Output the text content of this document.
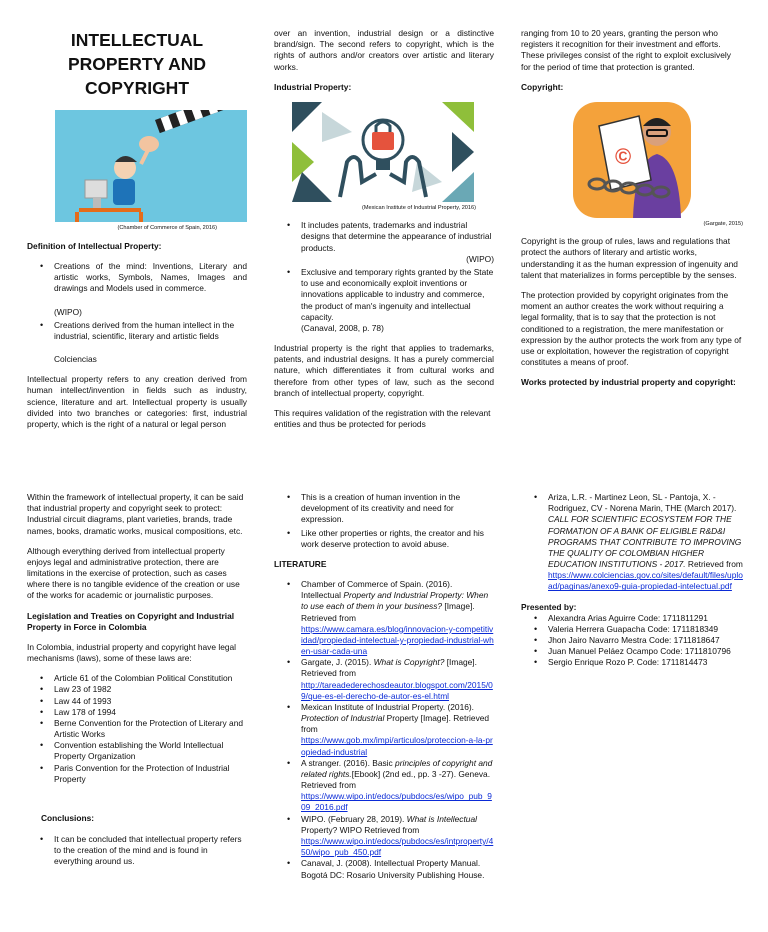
INTELLECTUAL PROPERTY AND COPYRIGHT
(Chamber of Commerce of Spain, 2016)
Definition of Intellectual Property:
• Creations of the mind: Inventions, Literary and artistic works, Symbols, Names, Images and drawings and Models used in commerce.
(WIPO)
• Creations derived from the human intellect in the industrial, scientific, literary and artistic fields
Colciencias

Intellectual property refers to any creation derived from human intellect/invention in fields such as industry, science, literature and art. Intellectual property is usually divided into two branches or categories: first, industrial property, which is the right of a natural or legal person

over an invention, industrial design or a distinctive brand/sign. The second refers to copyright, which is the rights of authors and/or creators over artistic and literary works.

Industrial Property:
(Mexican Institute of Industrial Property, 2016)
• It includes patents, trademarks and industrial designs that determine the appearance of industrial products.
(WIPO)
• Exclusive and temporary rights granted by the State to use and economically exploit inventions or innovations applicable to industry and commerce, the product of man's ingenuity and intellectual capacity.
(Canaval, 2008, p. 78)

Industrial property is the right that applies to trademarks, patents, and industrial designs. It has a purely commercial nature, which differentiates it from cultural works and therefore from other types of law, such as the second branch of intellectual property, copyright.

This requires validation of the registration with the relevant entities and thus be protected for periods

ranging from 10 to 20 years, granting the person who registers it recognition for their investment and efforts. These privileges consist of the right to exploit exclusively for the period of time that protection is granted.

Copyright:
©
(Gargate, 2015)

Copyright is the group of rules, laws and regulations that protect the authors of literary and artistic works, understanding it as the human expression of ingenuity and talent that materializes in forms perceptible by the senses.

The protection provided by copyright originates from the moment an author creates the work without requiring a legal formality, that is to say that the protection is not conditioned to a registration, the mere manifestation or expression by the author protects the work from any type of use or exploitation, however the registration of copyright constitutes a means of proof.

Works protected by industrial property and copyright:

Within the framework of intellectual property, it can be said that industrial property and copyright seek to protect: Industrial circuit diagrams, plant varieties, brands, trade names, books, dramatic works, musical compositions, etc.

Although everything derived from intellectual property enjoys legal and administrative protection, there are limitations in the exercise of protection, such as cases where there is no tangible evidence of the creation or use of the works for academic or journalistic purposes.

Legislation and Treaties on Copyright and Industrial Property in Force in Colombia

In Colombia, industrial property and copyright have legal mechanisms (laws), some of these laws are:

• Article 61 of the Colombian Political Constitution
• Law 23 of 1982
• Law 44 of 1993
• Law 178 of 1994
• Berne Convention for the Protection of Literary and Artistic Works
• Convention establishing the World Intellectual Property Organization
• Paris Convention for the Protection of Industrial Property
Conclusions:
• It can be concluded that intellectual property refers to the creation of the mind and is found in everything around us.
• This is a creation of human invention in the development of its creativity and need for expression.
• Like other properties or rights, the creator and his work deserve protection to avoid abuse.
LITERATURE
• Chamber of Commerce of Spain. (2016). Intellectual Property and Industrial Property: When to use each of them in your business? [Image]. Retrieved from
https://www.camara.es/blog/innovacion-y-competitividad/propiedad-intelectual-y-propiedad-industrial-when-usar-cada-una
• Gargate, J. (2015). What is Copyright? [Image]. Retrieved from
http://tareadederechosdeautor.blogspot.com/2015/09/que-es-el-derecho-de-autor-es-el.html
• Mexican Institute of Industrial Property. (2016). Protection of Industrial Property [Image]. Retrieved from
https://www.gob.mx/impi/articulos/proteccion-a-la-propiedad-industrial
• A stranger. (2016). Basic principles of copyright and related rights.[Ebook] (2nd ed., pp. 3 -27). Geneva. Retrieved from
https://www.wipo.int/edocs/pubdocs/es/wipo_pub_909_2016.pdf
• WIPO. (February 28, 2019). What is Intellectual Property? WIPO Retrieved from
https://www.wipo.int/edocs/pubdocs/es/intproperty/450/wipo_pub_450.pdf
• Canaval, J. (2008). Intellectual Property Manual. Bogotá DC: Rosario University Publishing House.
• Ariza, L.R. - Martinez Leon, SL - Pantoja, X. - Rodriguez, CV - Norena Marin, THE (March 2017). CALL FOR SCIENTIFIC ECOSYSTEM FOR THE FORMATION OF A BANK OF ELIGIBLE R&D&I PROGRAMS THAT CONTRIBUTE TO IMPROVING THE QUALITY OF COLOMBIAN HIGHER EDUCATION INSTITUTIONS - 2017. Retrieved from
https://www.colciencias.gov.co/sites/default/files/upload/paginas/anexo9-guia-propiedad-intelectual.pdf
Presented by:
• Alexandra Arias Aguirre Code: 1711811291
• Valeria Herrera Guapacha Code: 1711818349
• Jhon Jairo Navarro Mestra Code: 1711818647
• Juan Manuel Peláez Ocampo Code: 1711810796
• Sergio Enrique Rozo P. Code: 1711814473
